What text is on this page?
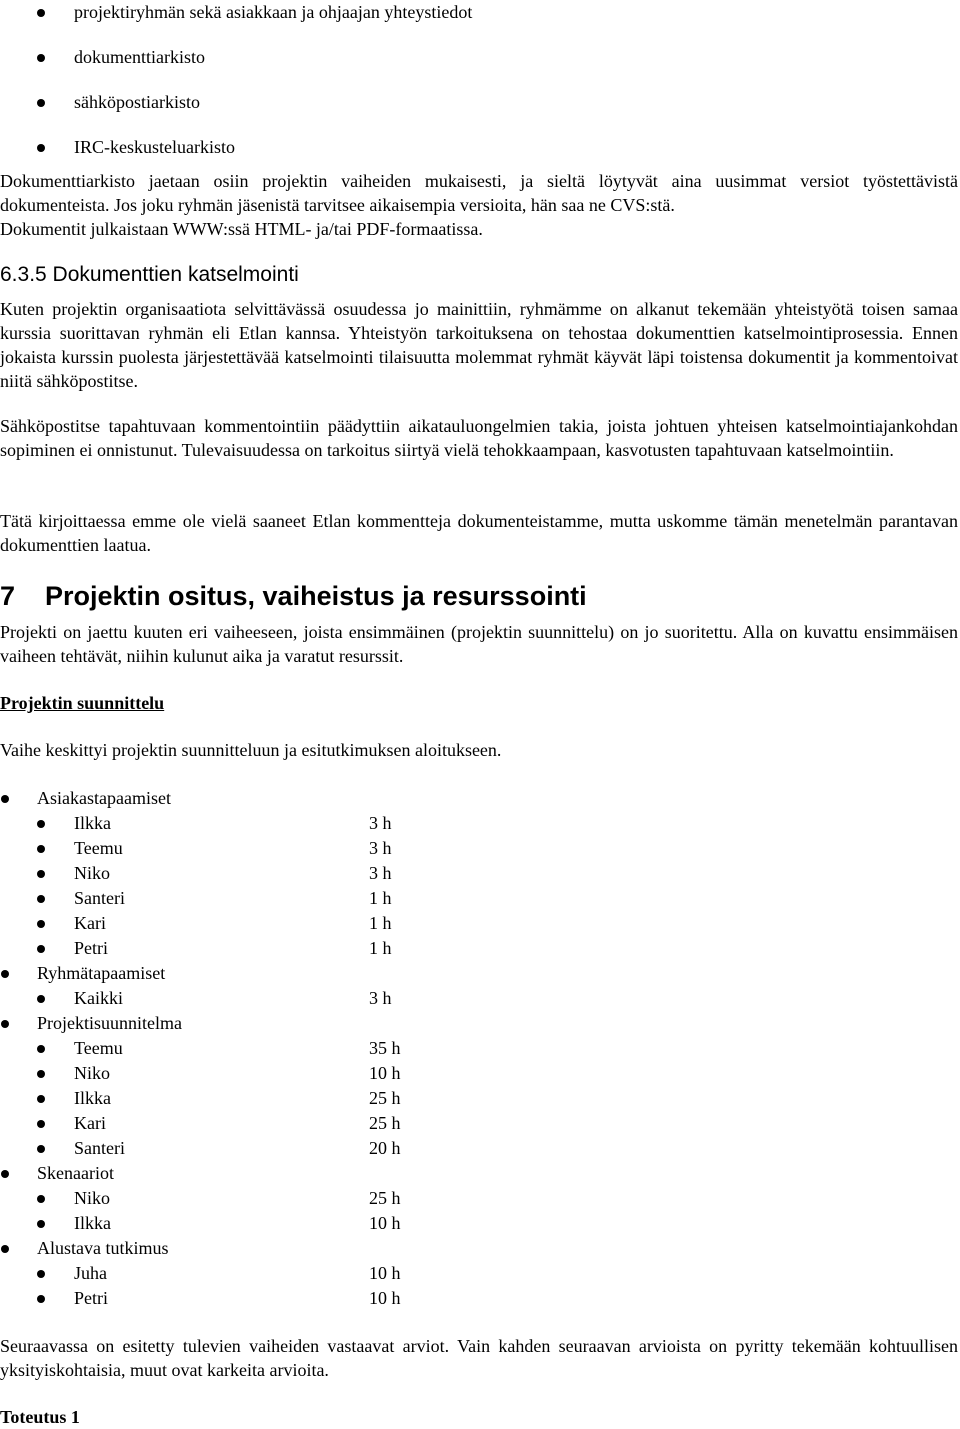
projektiryhmän sekä asiakkaan ja ohjaajan yhteystiedot
dokumenttiarkisto
sähköpostiarkisto
IRC-keskusteluarkisto

Dokumenttiarkisto jaetaan osiin projektin vaiheiden mukaisesti, ja sieltä löytyvät aina uusimmat versiot työstettävistä dokumenteista. Jos joku ryhmän jäsenistä tarvitsee aikaisempia versioita, hän saa ne CVS:stä.

Dokumentit julkaistaan WWW:ssä HTML- ja/tai PDF-formaatissa.

6.3.5 Dokumenttien katselmointi

Kuten projektin organisaatiota selvittävässä osuudessa jo mainittiin, ryhmämme on alkanut tekemään yhteistyötä toisen samaa kurssia suorittavan ryhmän eli Etlan kannsa. Yhteistyön tarkoituksena on tehostaa dokumenttien katselmointiprosessia. Ennen jokaista kurssin puolesta järjestettävää katselmointi tilaisuutta molemmat ryhmät käyvät läpi toistensa dokumentit ja kommentoivat niitä sähköpostitse.

Sähköpostitse tapahtuvaan kommentointiin päädyttiin aikatauluongelmien takia, joista johtuen yhteisen katselmointiajankohdan sopiminen ei onnistunut. Tulevaisuudessa on tarkoitus siirtyä vielä tehokkaampaan, kasvotusten tapahtuvaan katselmointiin.

Tätä kirjoittaessa emme ole vielä saaneet Etlan kommentteja dokumenteistamme, mutta uskomme tämän menetelmän parantavan dokumenttien laatua.

7 Projektin ositus, vaiheistus ja resurssointi

Projekti on jaettu kuuten eri vaiheeseen, joista ensimmäinen (projektin suunnittelu) on jo suoritettu. Alla on kuvattu ensimmäisen vaiheen tehtävät, niihin kulunut aika ja varatut resurssit.

Projektin suunnittelu

Vaihe keskittyi projektin suunnitteluun ja esitutkimuksen aloitukseen.

Asiakastapaamiset
Ilkka	3 h
Teemu	3 h
Niko	3 h
Santeri	1 h
Kari	1 h
Petri	1 h
Ryhmätapaamiset
Kaikki	3 h
Projektisuunnitelma
Teemu	35 h
Niko	10 h
Ilkka	25 h
Kari	25 h
Santeri	20 h
Skenaariot
Niko	25 h
Ilkka	10 h
Alustava tutkimus
Juha	10 h
Petri	10 h

Seuraavassa on esitetty tulevien vaiheiden vastaavat arviot. Vain kahden seuraavan arvioista on pyritty tekemään kohtuullisen yksityiskohtaisia, muut ovat karkeita arvioita.

Toteutus 1
